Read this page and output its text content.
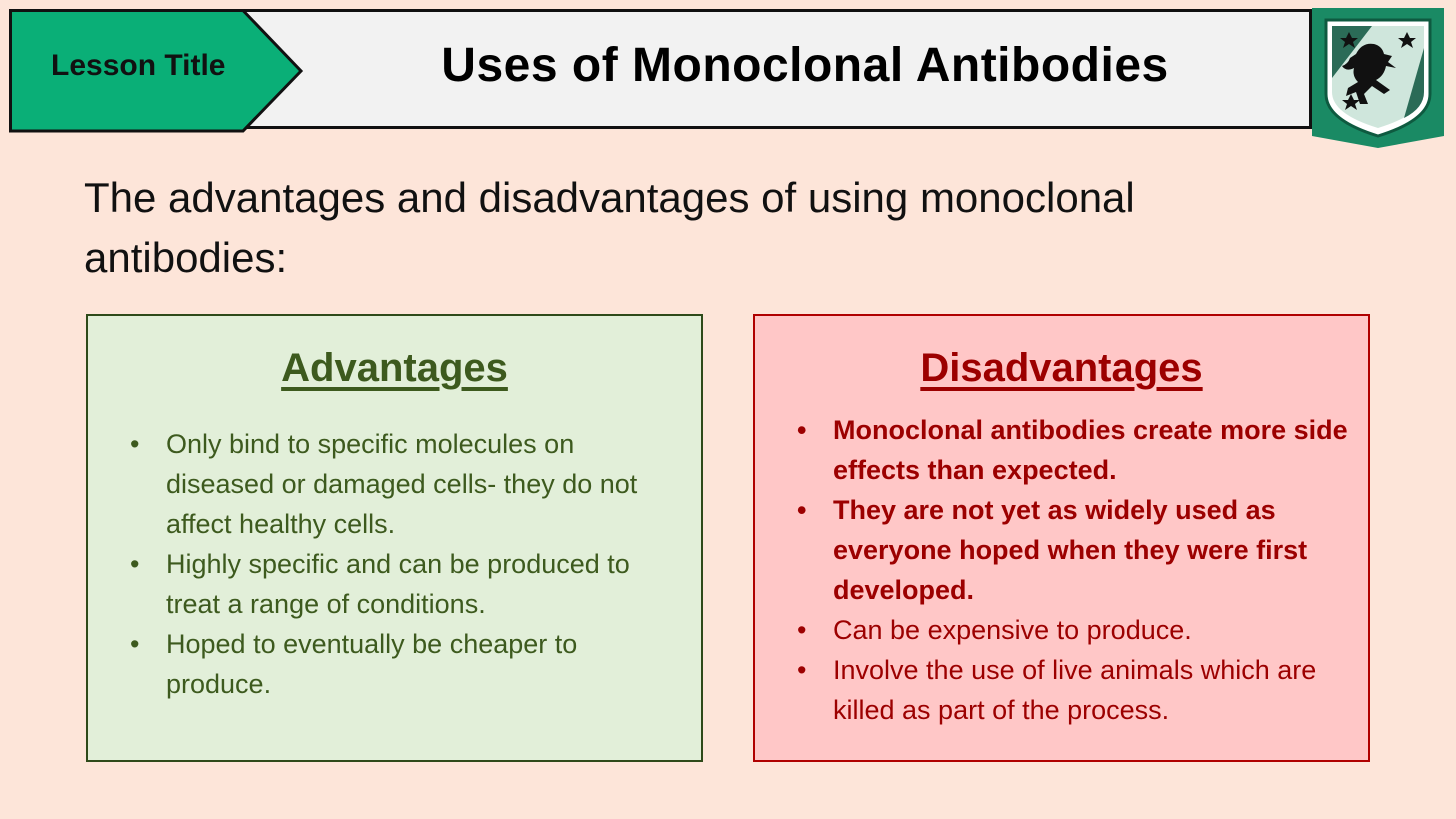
Lesson Title	Uses of Monoclonal Antibodies
The advantages and disadvantages of using monoclonal antibodies:
Advantages
• Only bind to specific molecules on diseased or damaged cells- they do not affect healthy cells.
• Highly specific and can be produced to treat a range of conditions.
• Hoped to eventually be cheaper to produce.
Disadvantages
• Monoclonal antibodies create more side effects than expected.
• They are not yet as widely used as everyone hoped when they were first developed.
• Can be expensive to produce.
• Involve the use of live animals which are killed as part of the process.
